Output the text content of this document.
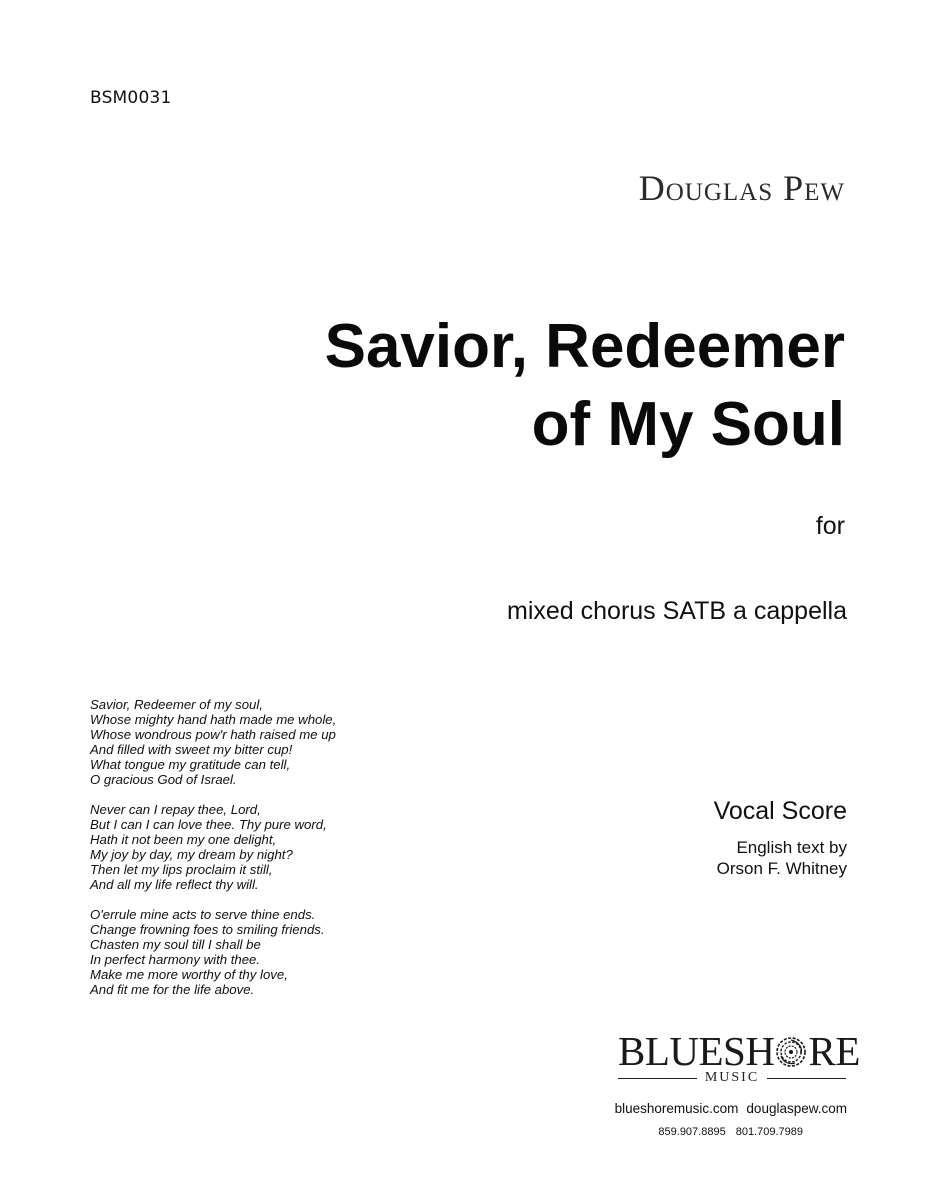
BSM0031
Douglas Pew
Savior, Redeemer
of My Soul
for
mixed chorus SATB a cappella
Savior, Redeemer of my soul,
Whose mighty hand hath made me whole,
Whose wondrous pow'r hath raised me up
And filled with sweet my bitter cup!
What tongue my gratitude can tell,
O gracious God of Israel.
Never can I repay thee, Lord,
But I can I can love thee. Thy pure word,
Hath it not been my one delight,
My joy by day, my dream by night?
Then let my lips proclaim it still,
And all my life reflect thy will.
O'errule mine acts to serve thine ends.
Change frowning foes to smiling friends.
Chasten my soul till I shall be
In perfect harmony with thee.
Make me more worthy of thy love,
And fit me for the life above.
Vocal Score
English text by
Orson F. Whitney
BLUESH RE
MUSIC
blueshoremusic.com douglaspew.com
859.907.8895 801.709.7989
